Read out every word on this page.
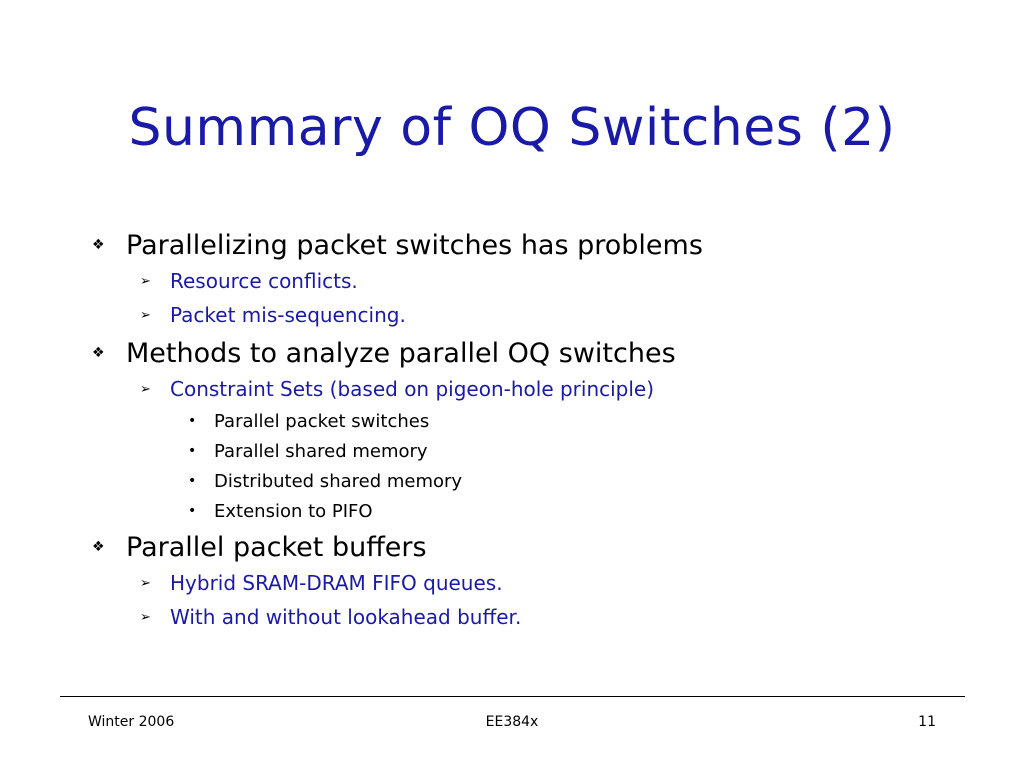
Summary of OQ Switches (2)
❖ Parallelizing packet switches has problems
➢ Resource conflicts.
➢ Packet mis-sequencing.
❖ Methods to analyze parallel OQ switches
➢ Constraint Sets (based on pigeon-hole principle)
• Parallel packet switches
• Parallel shared memory
• Distributed shared memory
• Extension to PIFO
❖ Parallel packet buffers
➢ Hybrid SRAM-DRAM FIFO queues.
➢ With and without lookahead buffer.
Winter 2006	EE384x	11
